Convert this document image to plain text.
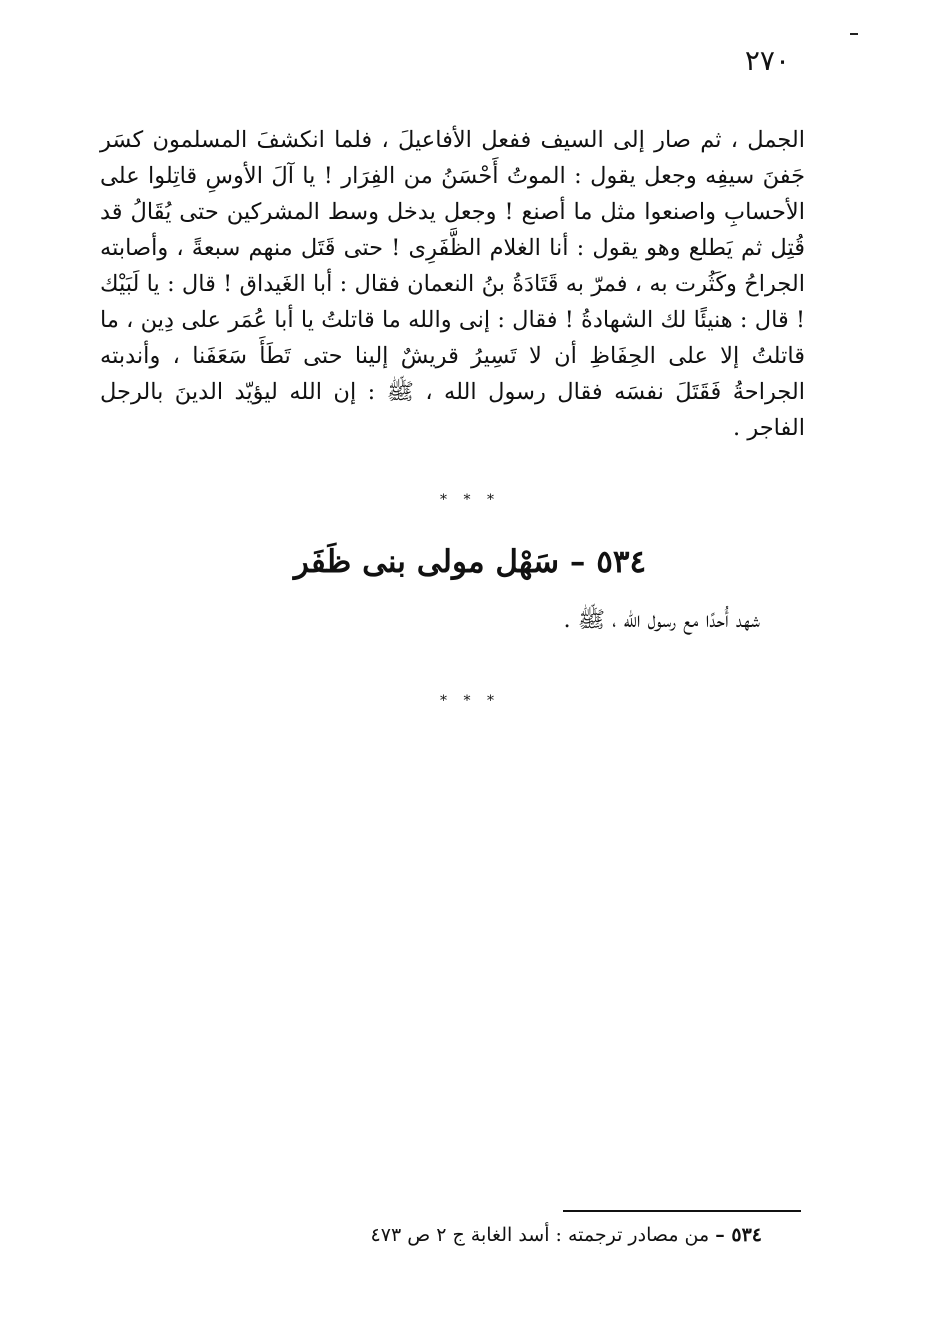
٢٧٠

الجمل ، ثم صار إلى السيف ففعل الأفاعيلَ ، فلما انكشفَ المسلمون كسَر جَفنَ سيفِه وجعل يقول : الموتُ أَحْسَنُ من الفِرَار ! يا آلَ الأوسِ قاتِلوا على الأحسابِ واصنعوا مثل ما أصنع ! وجعل يدخل وسط المشركين حتى يُقَالُ قد قُتِل ثم يَطلع وهو يقول : أنا الغلام الظَّفَرِى ! حتى قَتَل منهم سبعةً ، وأصابته الجراحُ وكَثُرت به ، فمرّ به قَتَادَةُ بنُ النعمان فقال : أبا الغَيداق ! قال : يا لَبَيْك ! قال : هنيئًا لك الشهادةُ ! فقال : إنى والله ما قاتلتُ يا أبا عُمَر على دِين ، ما قاتلتُ إلا على الحِفَاظِ أن لا تَسِيرُ قريشٌ إلينا حتى تَطَأَ سَعَفَنا ، وأندبته الجراحةُ فَقَتَلَ نفسَه فقال رسول الله ، ﷺ : إن الله ليؤيّد الدينَ بالرجل الفاجر .

* * *
٥٣٤ – سَهْل مولى بنى ظَفَر
شهد أُحدًا مع رسول الله ، ﷺ .
* * *
٥٣٤ – من مصادر ترجمته : أسد الغابة ج ٢ ص ٤٧٣
